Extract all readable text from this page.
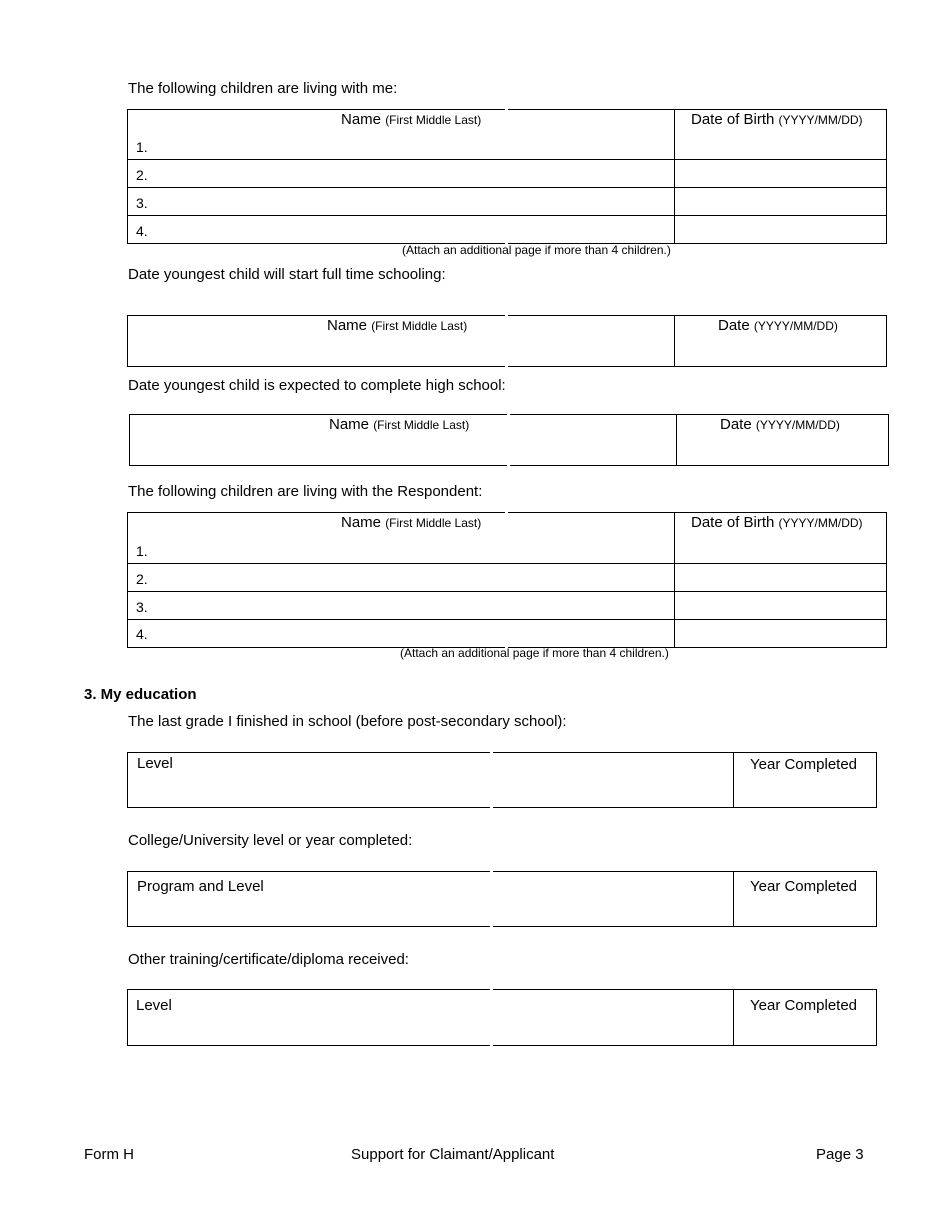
The following children are living with me:
Name (First Middle Last)	Date of Birth (YYYY/MM/DD)
1.
2.
3.
4.
(Attach an additional page if more than 4 children.)
Date youngest child will start full time schooling:
Name (First Middle Last)	Date (YYYY/MM/DD)
Date youngest child is expected to complete high school:
Name (First Middle Last)	Date (YYYY/MM/DD)
The following children are living with the Respondent:
Name (First Middle Last)	Date of Birth (YYYY/MM/DD)
1.
2.
3.
4.
(Attach an additional page if more than 4 children.)
3. My education
The last grade I finished in school (before post-secondary school):
Level	Year Completed
College/University level or year completed:
Program and Level	Year Completed
Other training/certificate/diploma received:
Level	Year Completed
Form H	Support for Claimant/Applicant	Page 3
